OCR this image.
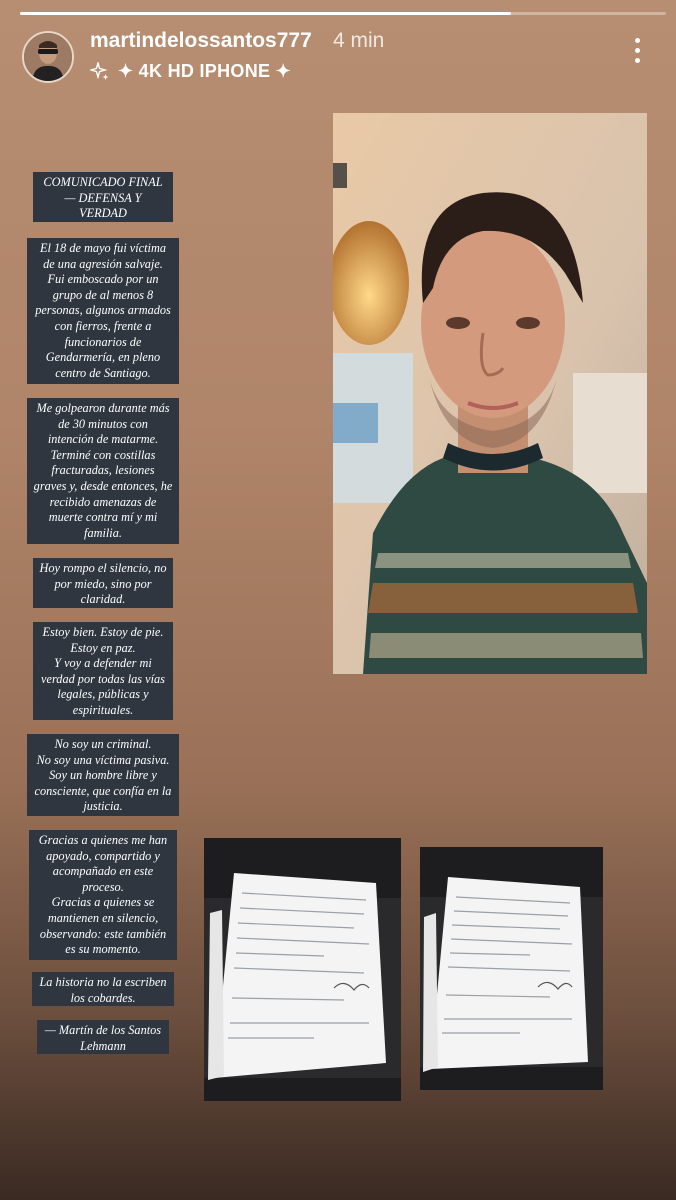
martindelossantos777 4 min
✦ 4K HD IPHONE ✦
COMUNICADO FINAL
— DEFENSA Y
VERDAD
El 18 de mayo fui víctima
de una agresión salvaje.
Fui emboscado por un
grupo de al menos 8
personas, algunos armados
con fierros, frente a
funcionarios de
Gendarmería, en pleno
centro de Santiago.
Me golpearon durante más
de 30 minutos con
intención de matarme.
Terminé con costillas
fracturadas, lesiones
graves y, desde entonces, he
recibido amenazas de
muerte contra mí y mi
familia.
Hoy rompo el silencio, no
por miedo, sino por
claridad.
Estoy bien. Estoy de pie.
Estoy en paz.
Y voy a defender mi
verdad por todas las vías
legales, públicas y
espirituales.
No soy un criminal.
No soy una víctima pasiva.
Soy un hombre libre y
consciente, que confía en la
justicia.
Gracias a quienes me han
apoyado, compartido y
acompañado en este
proceso.
Gracias a quienes se
mantienen en silencio,
observando: este también
es su momento.
La historia no la escriben
los cobardes.
— Martín de los Santos
Lehmann
